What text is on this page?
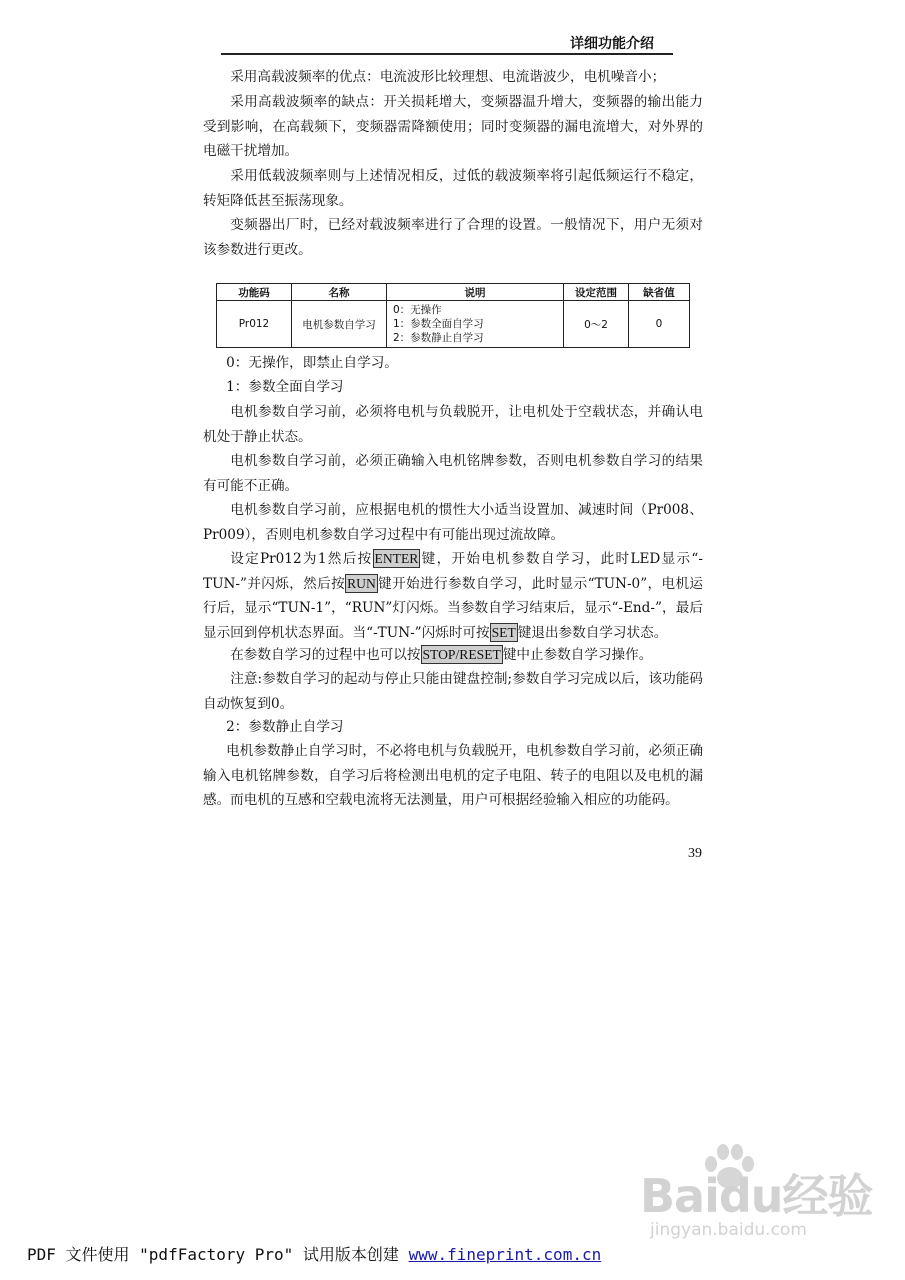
详细功能介绍

采用高载波频率的优点：电流波形比较理想、电流谐波少，电机噪音小；

采用高载波频率的缺点：开关损耗增大，变频器温升增大，变频器的输出能力受到影响，在高载频下，变频器需降额使用；同时变频器的漏电流增大，对外界的电磁干扰增加。

采用低载波频率则与上述情况相反，过低的载波频率将引起低频运行不稳定，转矩降低甚至振荡现象。

变频器出厂时，已经对载波频率进行了合理的设置。一般情况下，用户无须对该参数进行更改。

功能码	名称	说明	设定范围	缺省值
Pr012	电机参数自学习	0：无操作
1：参数全面自学习
2：参数静止自学习	0～2	0

0：无操作，即禁止自学习。

1：参数全面自学习

电机参数自学习前，必须将电机与负载脱开，让电机处于空载状态，并确认电机处于静止状态。

电机参数自学习前，必须正确输入电机铭牌参数，否则电机参数自学习的结果有可能不正确。

电机参数自学习前，应根据电机的惯性大小适当设置加、减速时间（Pr008、Pr009），否则电机参数自学习过程中有可能出现过流故障。

设定Pr012为1然后按 ENTER 键，开始电机参数自学习，此时LED显示“-TUN-”并闪烁，然后按 RUN 键开始进行参数自学习，此时显示“TUN-0”，电机运行后，显示“TUN-1”，“RUN”灯闪烁。当参数自学习结束后，显示“-End-”，最后显示回到停机状态界面。当“-TUN-”闪烁时可按 SET 键退出参数自学习状态。

在参数自学习的过程中也可以按 STOP/RESET 键中止参数自学习操作。

注意:参数自学习的起动与停止只能由键盘控制;参数自学习完成以后，该功能码自动恢复到0。

2：参数静止自学习

电机参数静止自学习时，不必将电机与负载脱开，电机参数自学习前，必须正确输入电机铭牌参数，自学习后将检测出电机的定子电阻、转子的电阻以及电机的漏感。而电机的互感和空载电流将无法测量，用户可根据经验输入相应的功能码。

39
Baidu经验
jingyan.baidu.com
PDF 文件使用 "pdfFactory Pro" 试用版本创建 www.fineprint.com.cn
